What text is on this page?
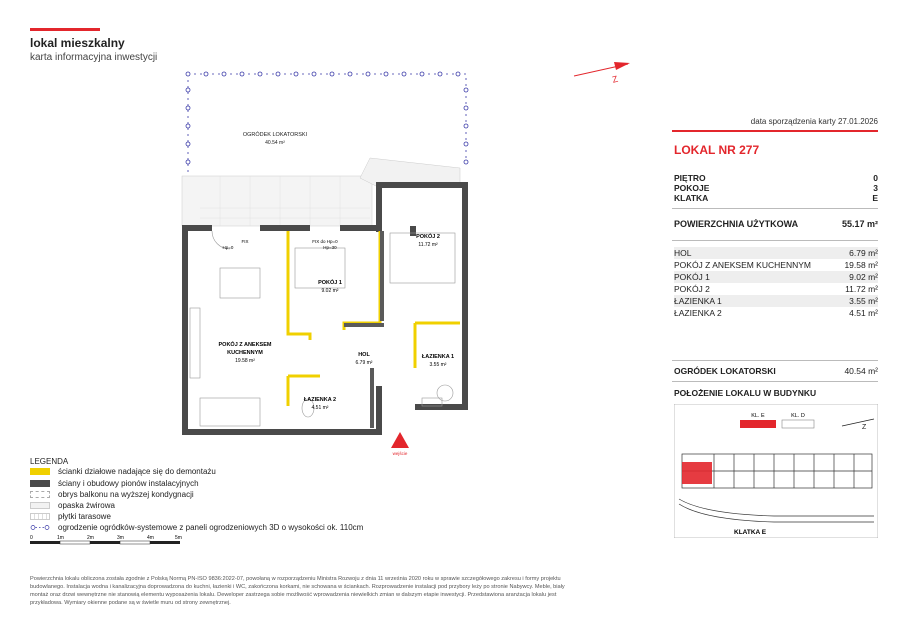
lokal mieszkalny
karta informacyjna inwestycji
Z
OGRÓDEK LOKATORSKI
40.54 m²
POKÓJ Z ANEKSEM
KUCHENNYM
19.58 m²
POKÓJ 1
9.02 m²
POKÓJ 2
11.72 m²
HOL
6.79 m²
ŁAZIENKA 1
3.55 m²
ŁAZIENKA 2
4.51 m²
FIX
Hp=0
FIX do Hp=0
Hp=30
wejście
data sporządzenia karty 27.01.2026
LOKAL NR 277
PIĘTRO	0
POKOJE	3
KLATKA	E
POWIERZCHNIA UŻYTKOWA	55.17 m²
HOL	6.79 m²
POKÓJ Z ANEKSEM KUCHENNYM	19.58 m²
POKÓJ 1	9.02 m²
POKÓJ 2	11.72 m²
ŁAZIENKA 1	3.55 m²
ŁAZIENKA 2	4.51 m²
OGRÓDEK LOKATORSKI	40.54 m²
POŁOŻENIE LOKALU W BUDYNKU
KL. E	KL. D
Z
KLATKA E
LEGENDA
ścianki działowe nadające się do demontażu
ściany i obudowy pionów instalacyjnych
obrys balkonu na wyższej kondygnacji
opaska żwirowa
płytki tarasowe
ogrodzenie ogródków-systemowe z paneli ogrodzeniowych 3D o wysokości ok. 110cm
0	1m	2m	3m	4m	5m
Powierzchnia lokalu obliczona została zgodnie z Polską Normą PN-ISO 9836:2022-07, powołaną w rozporządzeniu Ministra Rozwoju z dnia 11 września 2020 roku w sprawie szczegółowego zakresu i formy projektu budowlanego. Instalacja wodna i kanalizacyjna doprowadzona do kuchni, łazienki i WC, zakończona korkami, nie schowana w ściankach. Rozprowadzenie instalacji pod przybory leży po stronie Nabywcy. Meble, biały montaż oraz drzwi wewnętrzne nie stanowią elementu wyposażenia lokalu. Deweloper zastrzega sobie możliwość wprowadzenia niewielkich zmian w dalszym etapie inwestycji. Przedstawiona aranżacja lokalu jest przykładowa. Wymiary okienne podane są w świetle muru od strony zewnętrznej.
